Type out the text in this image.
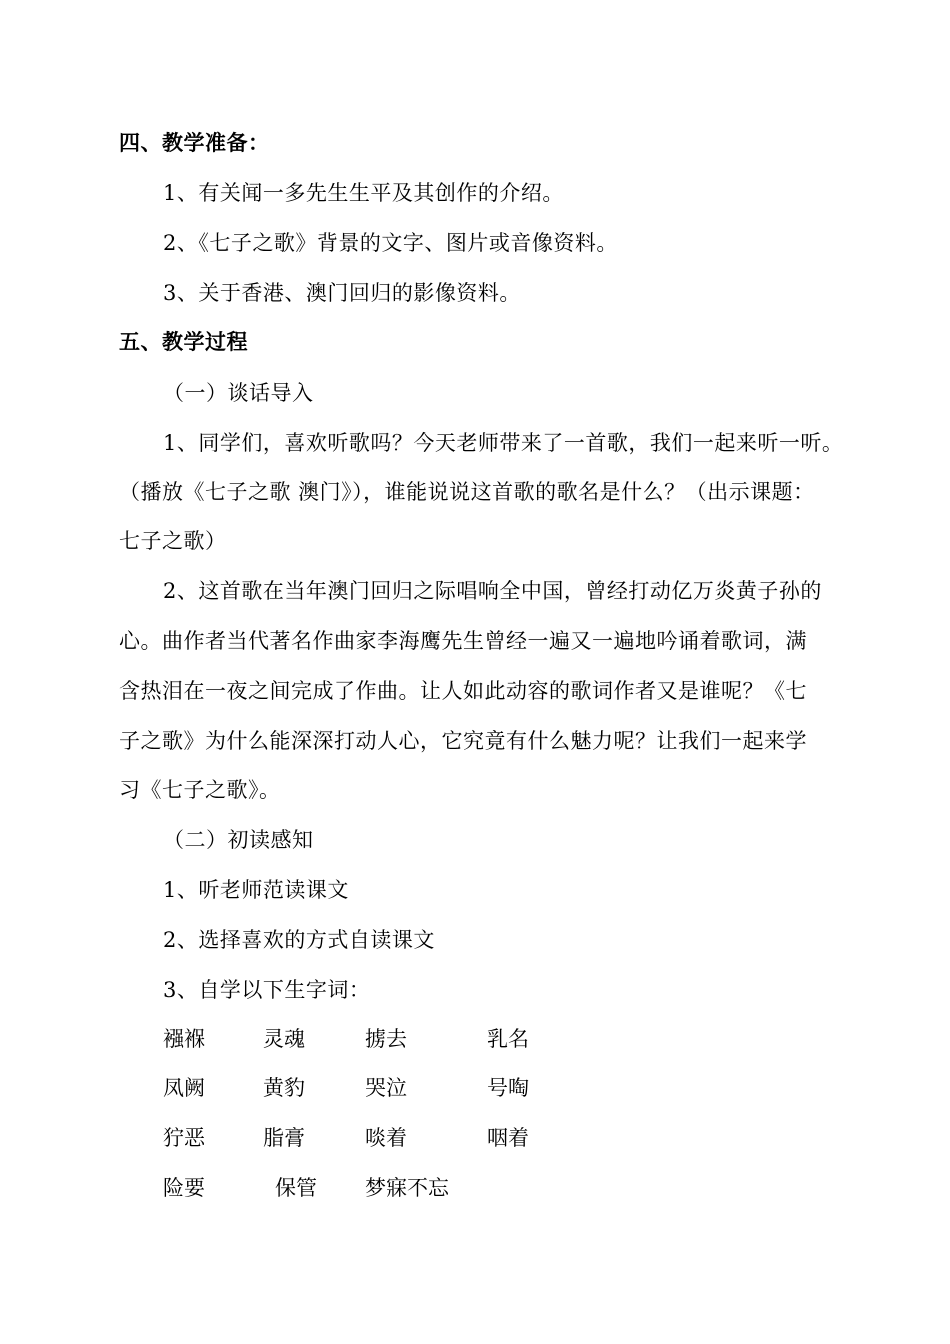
四、教学准备：
1、有关闻一多先生生平及其创作的介绍。
2、《七子之歌》背景的文字、图片或音像资料。
3、关于香港、澳门回归的影像资料。
五、教学过程
（一）谈话导入
1、同学们，喜欢听歌吗？今天老师带来了一首歌，我们一起来听一听。
（播放《七子之歌 澳门》），谁能说说这首歌的歌名是什么？（出示课题：
七子之歌）
2、这首歌在当年澳门回归之际唱响全中国，曾经打动亿万炎黄子孙的
心。曲作者当代著名作曲家李海鹰先生曾经一遍又一遍地吟诵着歌词，满
含热泪在一夜之间完成了作曲。让人如此动容的歌词作者又是谁呢？《七
子之歌》为什么能深深打动人心，它究竟有什么魅力呢？让我们一起来学
习《七子之歌》。
（二）初读感知
1、听老师范读课文
2、选择喜欢的方式自读课文
3、自学以下生字词：
襁褓	灵魂	掳去	乳名
凤阙	黄豹	哭泣	号啕
狞恶	脂膏	啖着	咽着
险要	保管 梦寐不忘
